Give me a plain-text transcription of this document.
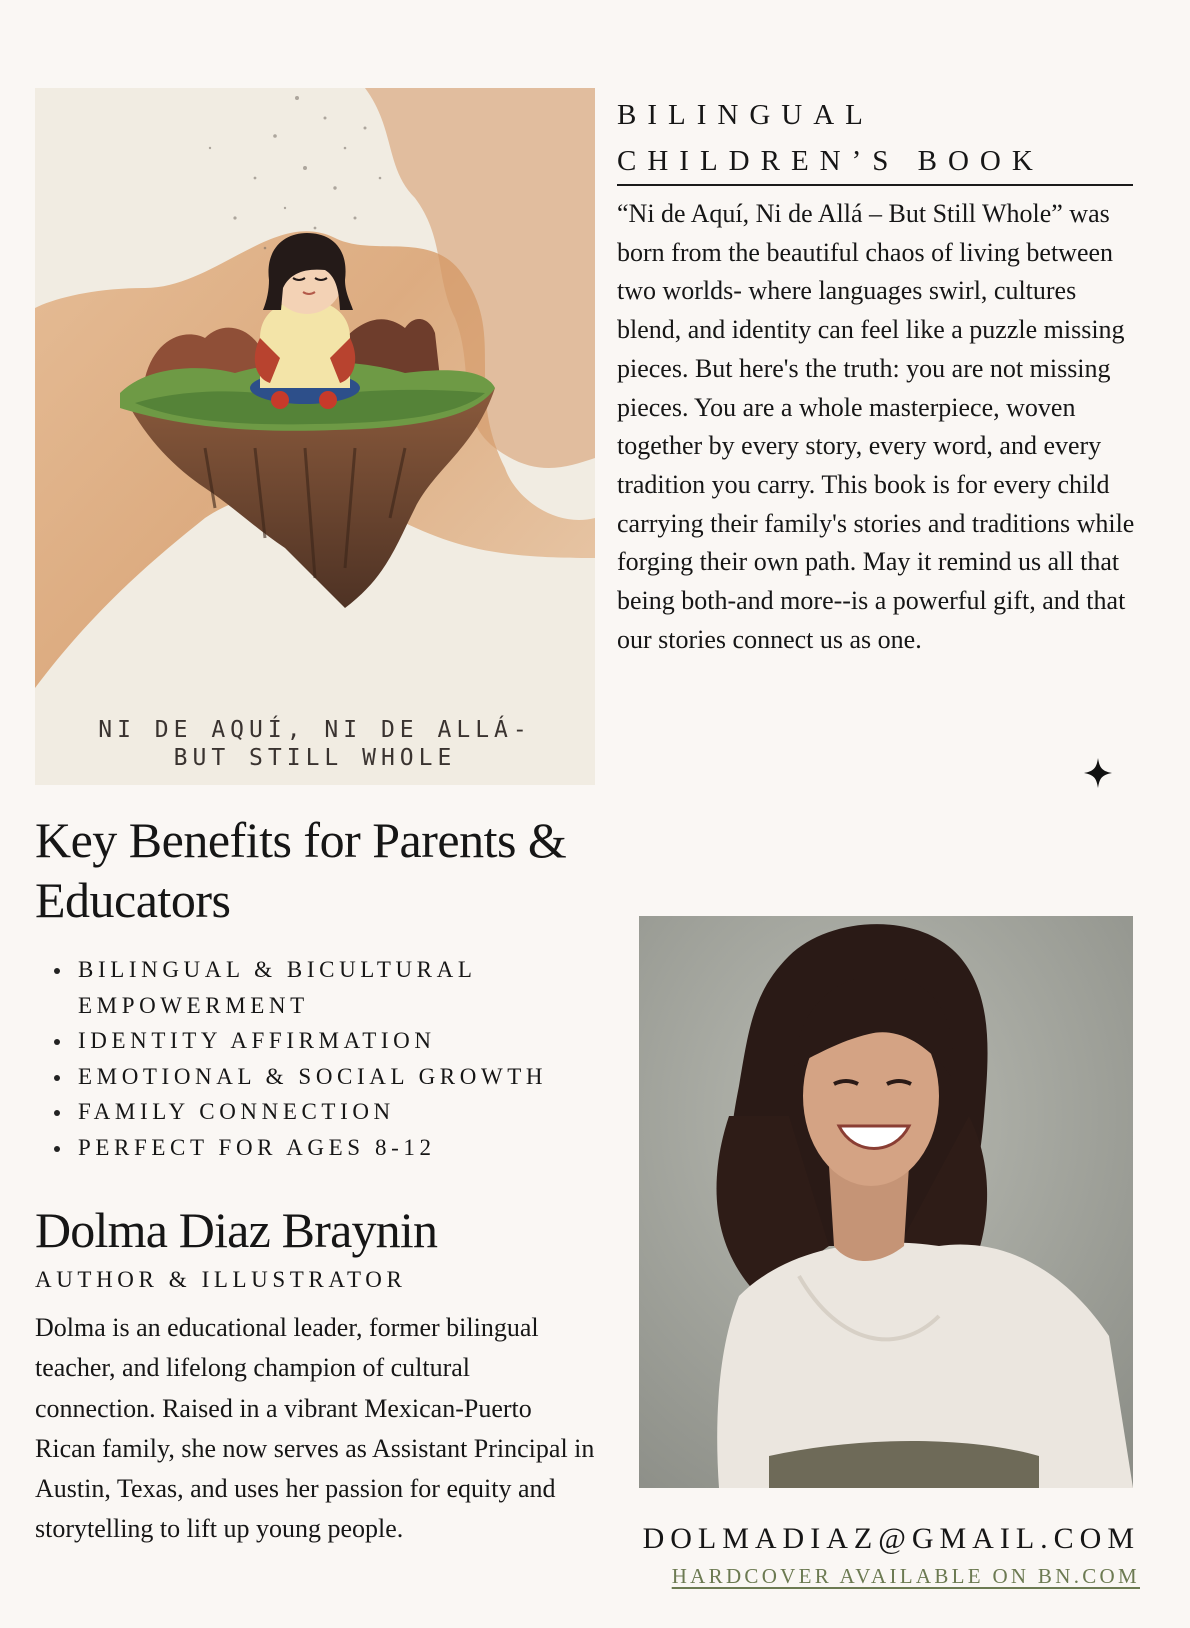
NI DE AQUÍ, NI DE ALLÁ-
BUT STILL WHOLE
BILINGUAL
CHILDREN’S BOOK
“Ni de Aquí, Ni de Allá – But Still Whole” was born from the beautiful chaos of living between two worlds- where languages swirl, cultures blend, and identity can feel like a puzzle missing pieces. But here's the truth: you are not missing pieces. You are a whole masterpiece, woven together by every story, every word, and every tradition you carry. This book is for every child carrying their family's stories and traditions while forging their own path. May it remind us all that being both-and more--is a powerful gift, and that our stories connect us as one.
Key Benefits for Parents & Educators
BILINGUAL & BICULTURAL EMPOWERMENT
IDENTITY AFFIRMATION
EMOTIONAL & SOCIAL GROWTH
FAMILY CONNECTION
PERFECT FOR AGES 8-12
Dolma Diaz Braynin
AUTHOR & ILLUSTRATOR
Dolma is an educational leader, former bilingual teacher, and lifelong champion of cultural connection. Raised in a vibrant Mexican-Puerto Rican family, she now serves as Assistant Principal in Austin, Texas, and uses her passion for equity and storytelling to lift up young people.	DOLMADIAZ@GMAIL.COM
HARDCOVER AVAILABLE ON BN.COM
